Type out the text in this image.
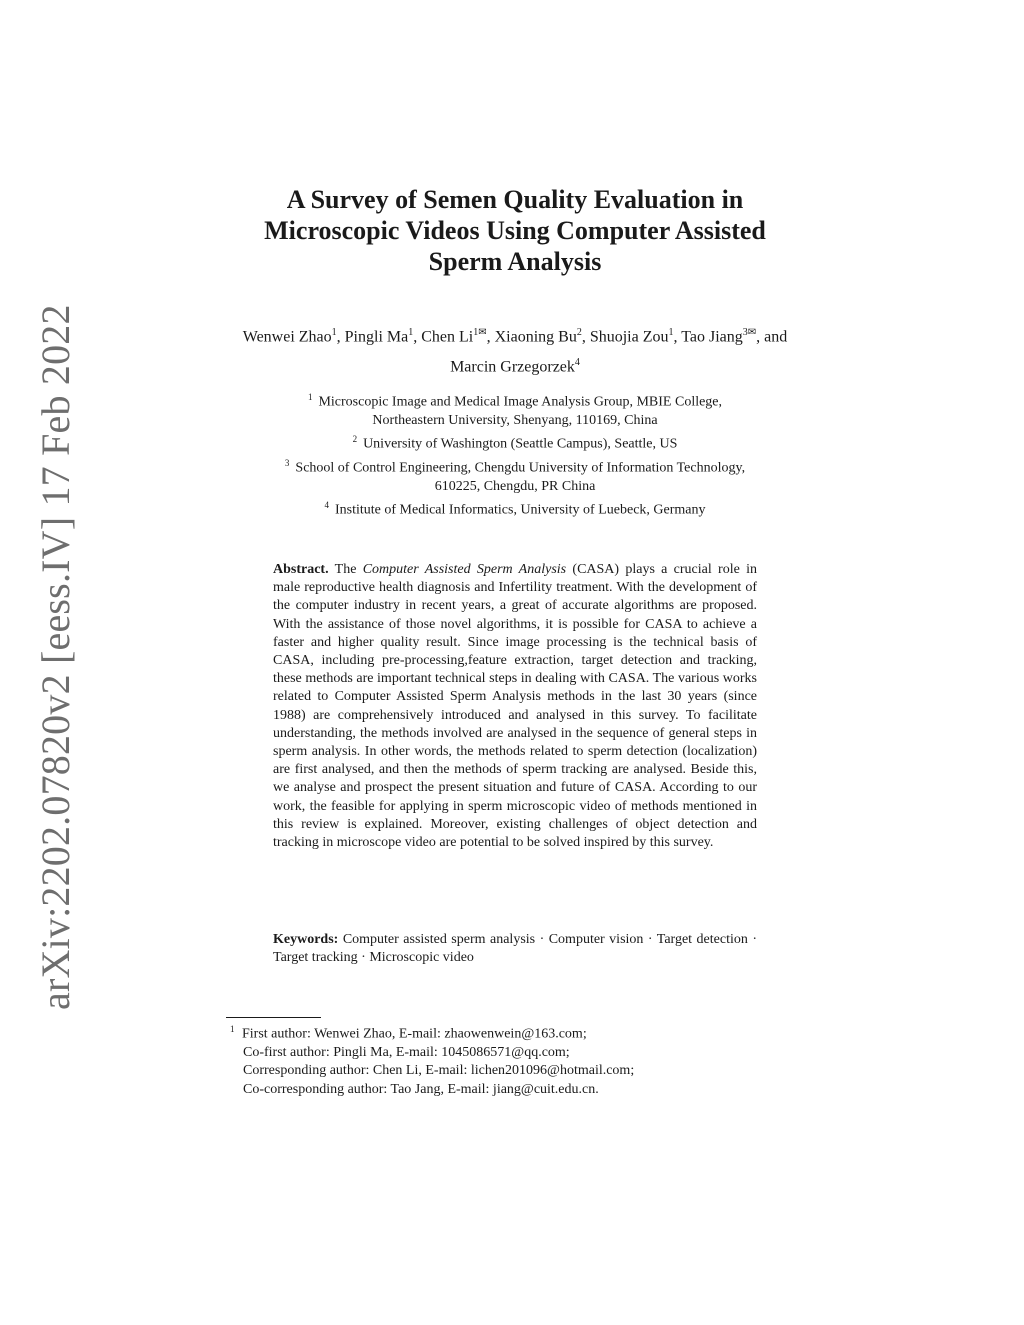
arXiv:2202.07820v2 [eess.IV] 17 Feb 2022
A Survey of Semen Quality Evaluation in
Microscopic Videos Using Computer Assisted
Sperm Analysis
Wenwei Zhao$^1$, Pingli Ma$^1$, Chen $Li^{1✉}$, Xiaoning Bu$^2$, Shuojia Zou$^1$, Tao Jiang$^{3✉}$, and Marcin Grzegorzek$^4$
$^1$ Microscopic Image and Medical Image Analysis Group, MBIE College,
Northeastern University, Shenyang, 110169, China
$^2$ University of Washington (Seattle Campus), Seattle, US
$^3$ School of Control Engineering, Chengdu University of Information Technology,
610225, Chengdu, PR China
$^4$ Institute of Medical Informatics, University of Luebeck, Germany
Abstract. The Computer Assisted Sperm Analysis (CASA) plays a crucial role in male reproductive health diagnosis and Infertility treatment. With the development of the computer industry in recent years, a great of accurate algorithms are proposed. With the assistance of those novel algorithms, it is possible for CASA to achieve a faster and higher quality result. Since image processing is the technical basis of CASA, including pre-processing,feature extraction, target detection and tracking, these methods are important technical steps in dealing with CASA. The various works related to Computer Assisted Sperm Analysis methods in the last 30 years (since 1988) are comprehensively introduced and analysed in this survey. To facilitate understanding, the methods involved are analysed in the sequence of general steps in sperm analysis. In other words, the methods related to sperm detection (localization) are first analysed, and then the methods of sperm tracking are analysed. Beside this, we analyse and prospect the present situation and future of CASA. According to our work, the feasible for applying in sperm microscopic video of methods mentioned in this review is explained. Moreover, existing challenges of object detection and tracking in microscope video are potential to be solved inspired by this survey.
Keywords: Computer assisted sperm analysis · Computer vision · Target detection · Target tracking · Microscopic video
$^1$ First author: Wenwei Zhao, E-mail: zhaowenwein@163.com;
Co-first author: Pingli Ma, E-mail: 1045086571@qq.com;
Corresponding author: Chen Li, E-mail: lichen201096@hotmail.com;
Co-corresponding author: Tao Jang, E-mail: jiang@cuit.edu.cn.
